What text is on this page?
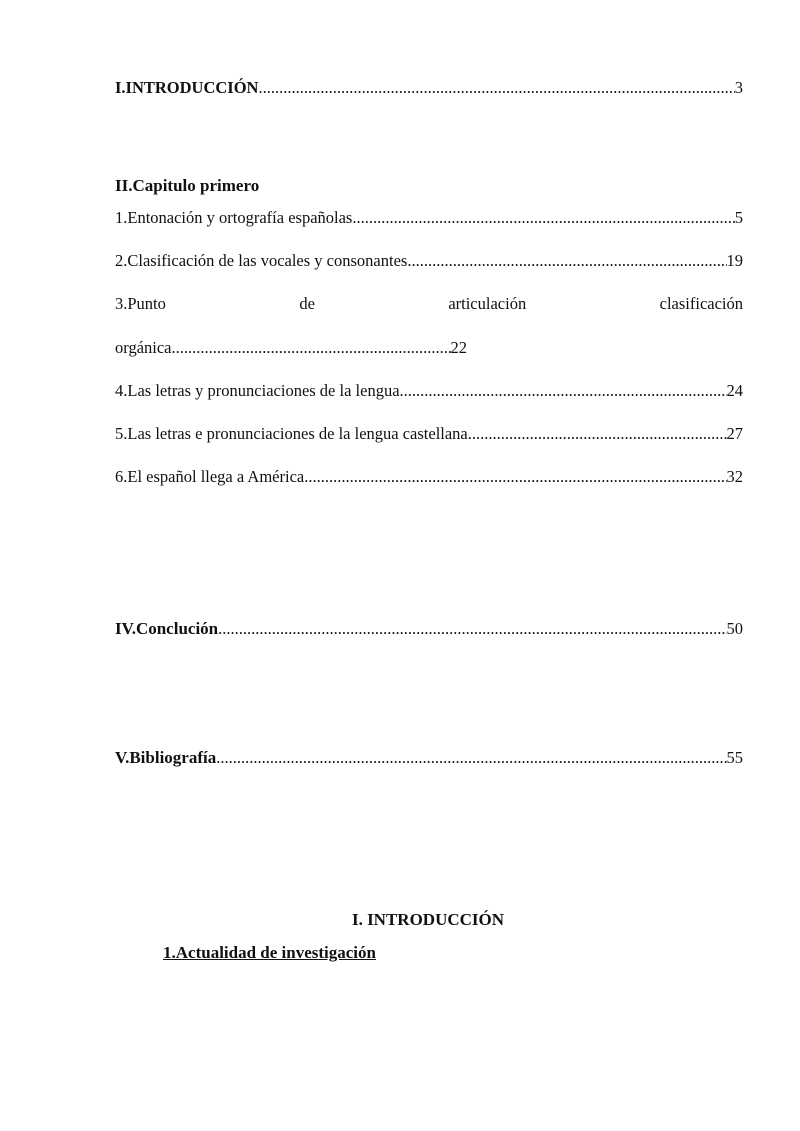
I.INTRODUCCIÓN .....	3
II.Capitulo primero
1.Entonación y ortografía españolas .....	5
2.Clasificación de las vocales y consonantes .....	19
3.Punto	de	articulación	clasificación
orgánica .....	22
4.Las letras y pronunciaciones de la lengua .....	24
5.Las letras e pronunciaciones de la lengua castellana .....	27
6.El español llega a América .....	32
IV.Conclución .....	50
V.Bibliografía .....	55
I. INTRODUCCIÓN
1.Actualidad de investigación
